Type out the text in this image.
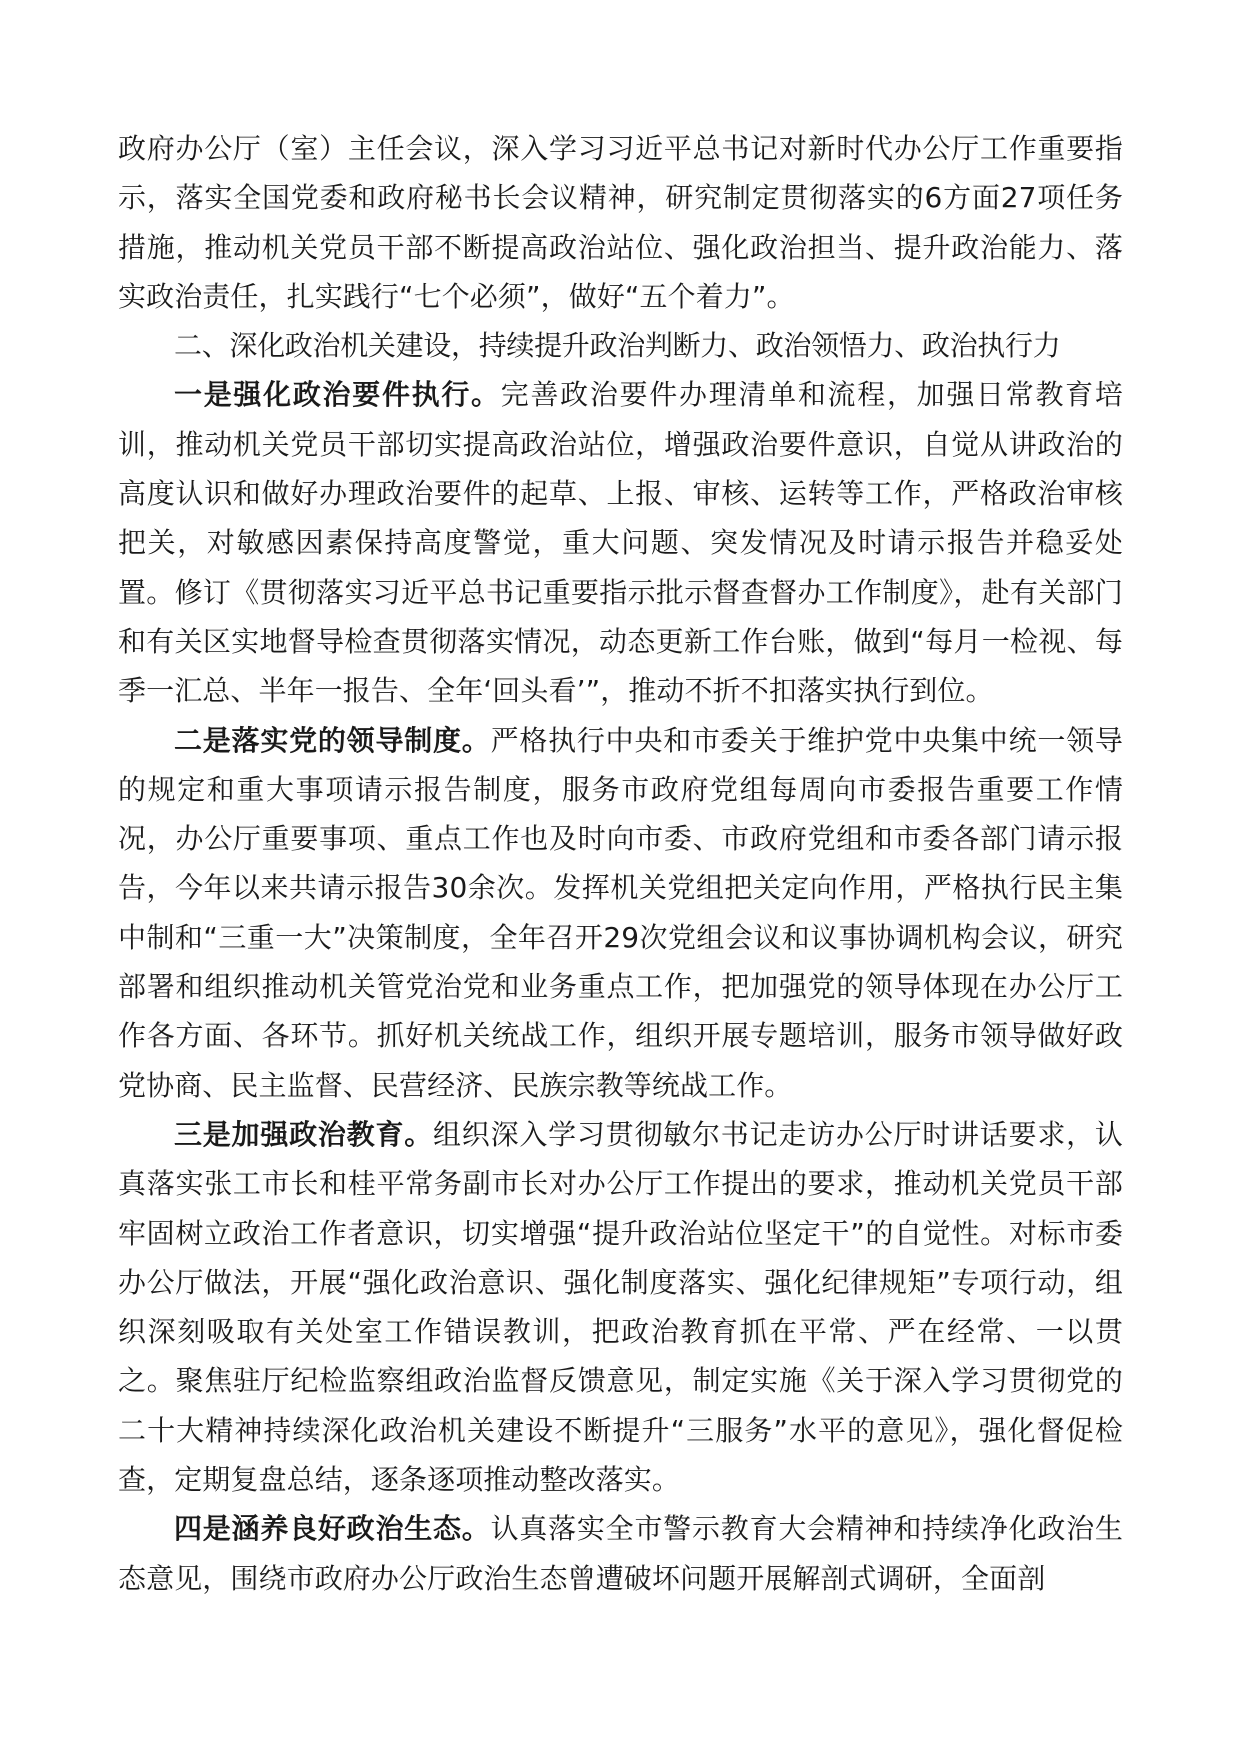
政府办公厅（室）主任会议，深入学习习近平总书记对新时代办公厅工作重要指示，落实全国党委和政府秘书长会议精神，研究制定贯彻落实的6方面27项任务措施，推动机关党员干部不断提高政治站位、强化政治担当、提升政治能力、落实政治责任，扎实践行“七个必须”，做好“五个着力”。

二、深化政治机关建设，持续提升政治判断力、政治领悟力、政治执行力

一是强化政治要件执行。完善政治要件办理清单和流程，加强日常教育培训，推动机关党员干部切实提高政治站位，增强政治要件意识，自觉从讲政治的高度认识和做好办理政治要件的起草、上报、审核、运转等工作，严格政治审核把关，对敏感因素保持高度警觉，重大问题、突发情况及时请示报告并稳妥处置。修订《贯彻落实习近平总书记重要指示批示督查督办工作制度》，赴有关部门和有关区实地督导检查贯彻落实情况，动态更新工作台账，做到“每月一检视、每季一汇总、半年一报告、全年‘回头看’”，推动不折不扣落实执行到位。

二是落实党的领导制度。严格执行中央和市委关于维护党中央集中统一领导的规定和重大事项请示报告制度，服务市政府党组每周向市委报告重要工作情况，办公厅重要事项、重点工作也及时向市委、市政府党组和市委各部门请示报告，今年以来共请示报告30余次。发挥机关党组把关定向作用，严格执行民主集中制和“三重一大”决策制度，全年召开29次党组会议和议事协调机构会议，研究部署和组织推动机关管党治党和业务重点工作，把加强党的领导体现在办公厅工作各方面、各环节。抓好机关统战工作，组织开展专题培训，服务市领导做好政党协商、民主监督、民营经济、民族宗教等统战工作。

三是加强政治教育。组织深入学习贯彻敏尔书记走访办公厅时讲话要求，认真落实张工市长和桂平常务副市长对办公厅工作提出的要求，推动机关党员干部牢固树立政治工作者意识，切实增强“提升政治站位坚定干”的自觉性。对标市委办公厅做法，开展“强化政治意识、强化制度落实、强化纪律规矩”专项行动，组织深刻吸取有关处室工作错误教训，把政治教育抓在平常、严在经常、一以贯之。聚焦驻厅纪检监察组政治监督反馈意见，制定实施《关于深入学习贯彻党的二十大精神持续深化政治机关建设不断提升“三服务”水平的意见》，强化督促检查，定期复盘总结，逐条逐项推动整改落实。

四是涵养良好政治生态。认真落实全市警示教育大会精神和持续净化政治生态意见，围绕市政府办公厅政治生态曾遭破坏问题开展解剖式调研，全面剖
